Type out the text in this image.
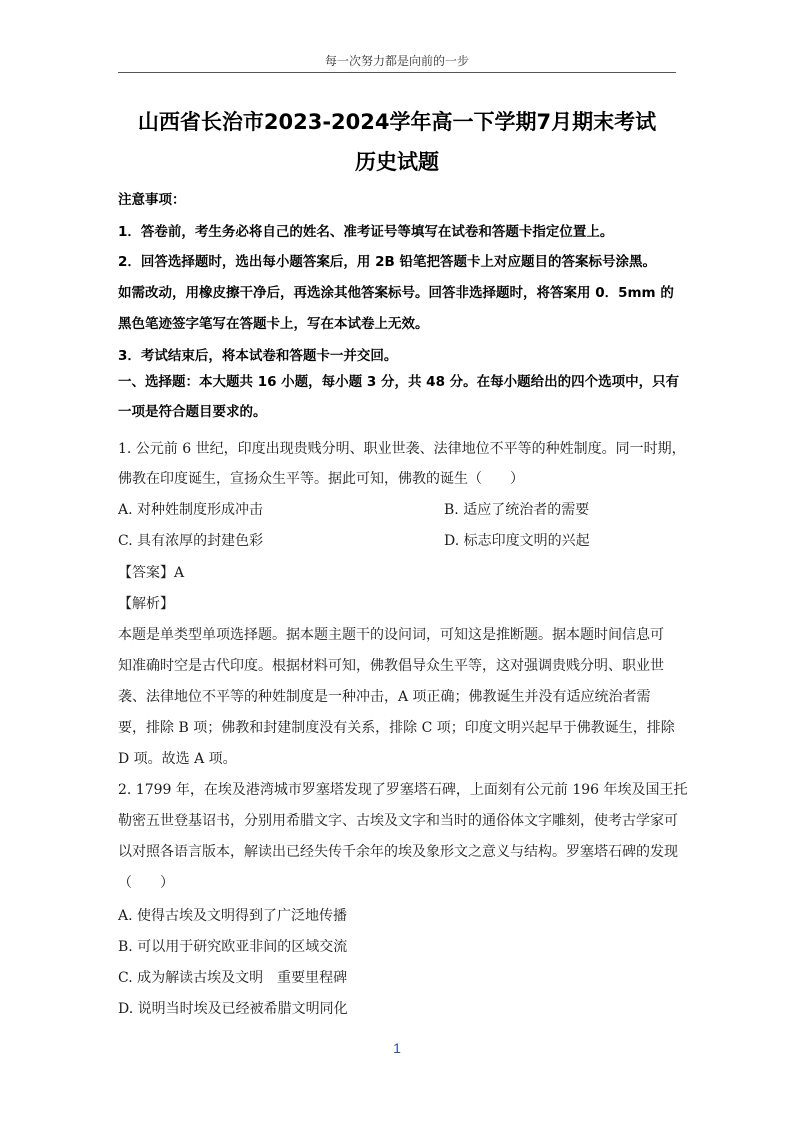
每一次努力都是向前的一步
山西省长治市2023-2024学年高一下学期7月期末考试
历史试题
注意事项：
1．答卷前，考生务必将自己的姓名、准考证号等填写在试卷和答题卡指定位置上。
2．回答选择题时，选出每小题答案后，用 2B 铅笔把答题卡上对应题目的答案标号涂黑。
如需改动，用橡皮擦干净后，再选涂其他答案标号。回答非选择题时，将答案用 0．5mm 的
黑色笔迹签字笔写在答题卡上，写在本试卷上无效。
3．考试结束后，将本试卷和答题卡一并交回。
一、选择题：本大题共 16 小题，每小题 3 分，共 48 分。在每小题给出的四个选项中，只有
一项是符合题目要求的。
1. 公元前 6 世纪，印度出现贵贱分明、职业世袭、法律地位不平等的种姓制度。同一时期，
佛教在印度诞生，宣扬众生平等。据此可知，佛教的诞生（　　）
A. 对种姓制度形成冲击	B. 适应了统治者的需要
C. 具有浓厚的封建色彩	D. 标志印度文明的兴起
【答案】A
【解析】
本题是单类型单项选择题。据本题主题干的设问词，可知这是推断题。据本题时间信息可
知准确时空是古代印度。根据材料可知，佛教倡导众生平等，这对强调贵贱分明、职业世
袭、法律地位不平等的种姓制度是一种冲击，A 项正确；佛教诞生并没有适应统治者需
要，排除 B 项；佛教和封建制度没有关系，排除 C 项；印度文明兴起早于佛教诞生，排除
D 项。故选 A 项。
2. 1799 年，在埃及港湾城市罗塞塔发现了罗塞塔石碑，上面刻有公元前 196 年埃及国王托
勒密五世登基诏书，分别用希腊文字、古埃及文字和当时的通俗体文字雕刻，使考古学家可
以对照各语言版本，解读出已经失传千余年的埃及象形文之意义与结构。罗塞塔石碑的发现
（　　）
A. 使得古埃及文明得到了广泛地传播
B. 可以用于研究欧亚非间的区域交流
C. 成为解读古埃及文明　重要里程碑
D. 说明当时埃及已经被希腊文明同化
1
